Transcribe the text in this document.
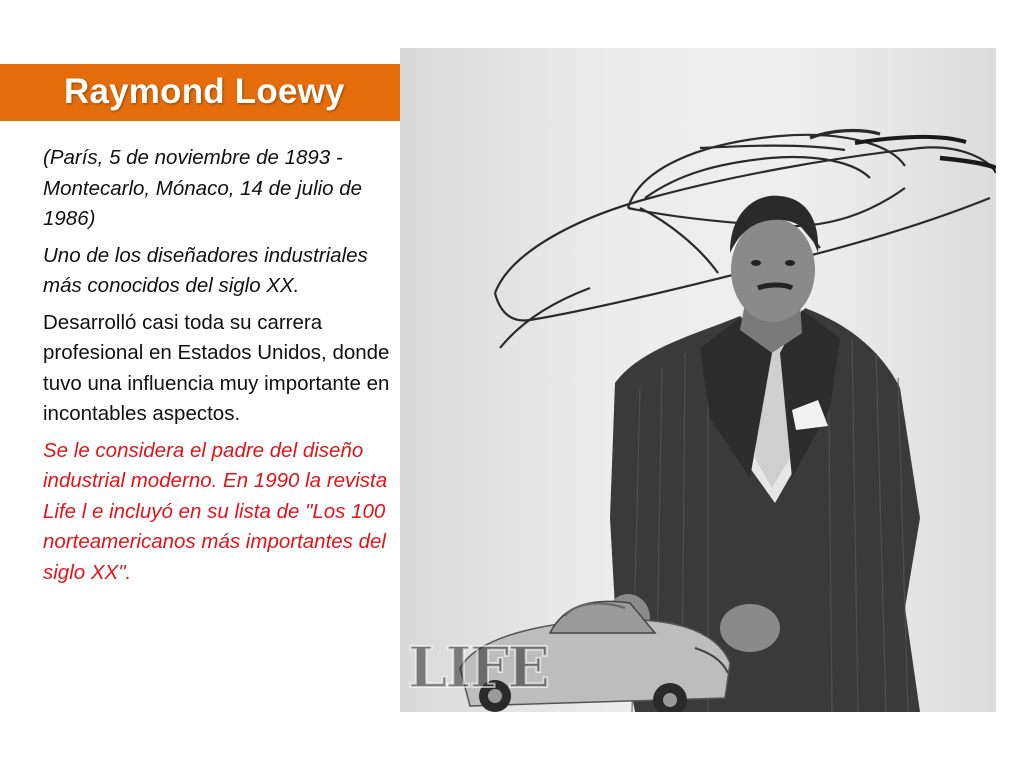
Raymond Loewy

(París, 5 de noviembre de 1893 - Montecarlo, Mónaco, 14 de julio de 1986)

Uno de los diseñadores industriales más conocidos del siglo XX.

Desarrolló casi toda su carrera profesional en Estados Unidos, donde tuvo una influencia muy importante en incontables aspectos.

Se le considera el padre del diseño industrial moderno. En 1990 la revista Life l e incluyó en su lista de "Los 100 norteamericanos más importantes del siglo XX".

LIFE
